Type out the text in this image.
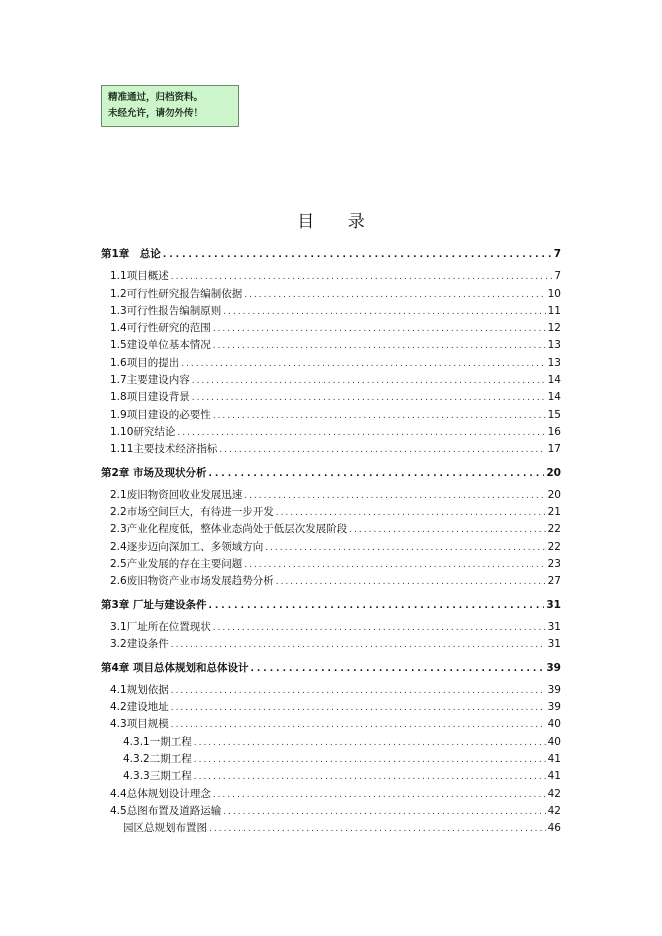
精准通过，归档资料。
未经允许，请勿外传！
目 录
第1章　总论 .....	7
1.1项目概述 .....	7
1.2可行性研究报告编制依据 .....	10
1.3可行性报告编制原则 .....	11
1.4可行性研究的范围 .....	12
1.5建设单位基本情况 .....	13
1.6项目的提出 .....	13
1.7主要建设内容 .....	14
1.8项目建设背景 .....	14
1.9项目建设的必要性 .....	15
1.10研究结论 .....	16
1.11主要技术经济指标 .....	17
第2章 市场及现状分析 .....	20
2.1废旧物资回收业发展迅速 .....	20
2.2市场空间巨大，有待进一步开发 .....	21
2.3产业化程度低，整体业态尚处于低层次发展阶段 .....	22
2.4逐步迈向深加工、多领域方向 .....	22
2.5产业发展的存在主要问题 .....	23
2.6废旧物资产业市场发展趋势分析 .....	27
第3章 厂址与建设条件 .....	31
3.1厂址所在位置现状 .....	31
3.2建设条件 .....	31
第4章 项目总体规划和总体设计 .....	39
4.1规划依据 .....	39
4.2建设地址 .....	39
4.3项目规模 .....	40
4.3.1一期工程 .....	40
4.3.2二期工程 .....	41
4.3.3三期工程 .....	41
4.4总体规划设计理念 .....	42
4.5总图布置及道路运输 .....	42
园区总规划布置图 .....	46
